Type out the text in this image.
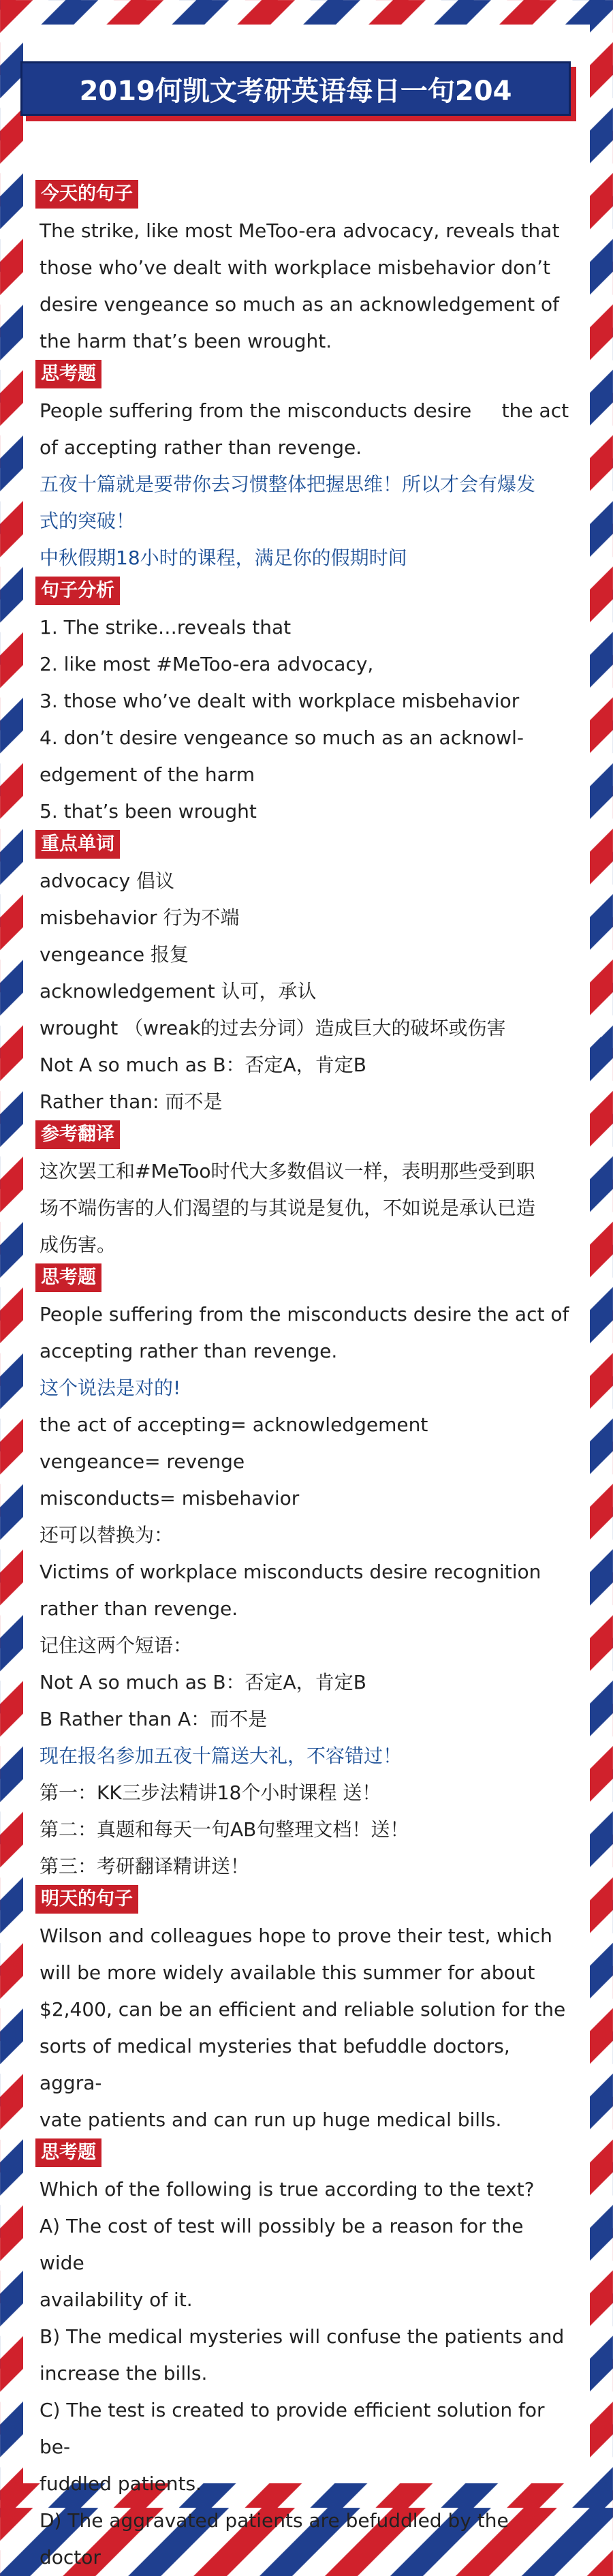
2019何凯文考研英语每日一句204
今天的句子

The strike, like most MeToo-era advocacy, reveals that

those who’ve dealt with workplace misbehavior don’t

desire vengeance so much as an acknowledgement of

the harm that’s been wrought.

思考题

People suffering from the misconducts desire     the act

of accepting rather than revenge.

五夜十篇就是要带你去习惯整体把握思维！所以才会有爆发

式的突破！

中秋假期18小时的课程，满足你的假期时间

句子分析

1. The strike…reveals that

2. like most #MeToo-era advocacy,

3. those who’ve dealt with workplace misbehavior

4. don’t desire vengeance so much as an acknowl-

edgement of the harm

5. that’s been wrought

重点单词

advocacy 倡议

misbehavior 行为不端

vengeance 报复

acknowledgement 认可，承认

wrought （wreak的过去分词）造成巨大的破坏或伤害

Not A so much as B：否定A，肯定B

Rather than: 而不是

参考翻译

这次罢工和#MeToo时代大多数倡议一样，表明那些受到职

场不端伤害的人们渴望的与其说是复仇，不如说是承认已造

成伤害。

思考题

People suffering from the misconducts desire the act of

accepting rather than revenge.

这个说法是对的!

the act of accepting= acknowledgement

vengeance= revenge

misconducts= misbehavior

还可以替换为：

Victims of workplace misconducts desire recognition

rather than revenge.

记住这两个短语：

Not A so much as B：否定A，肯定B

B Rather than A：而不是

现在报名参加五夜十篇送大礼，不容错过！

第一：KK三步法精讲18个小时课程 送！

第二：真题和每天一句AB句整理文档！送！

第三：考研翻译精讲送！

明天的句子

Wilson and colleagues hope to prove their test, which

will be more widely available this summer for about

$2,400, can be an efficient and reliable solution for the

sorts of medical mysteries that befuddle doctors, aggra-

vate patients and can run up huge medical bills.

思考题

Which of the following is true according to the text?

A) The cost of test will possibly be a reason for the wide

availability of it.

B) The medical mysteries will confuse the patients and

increase the bills.

C) The test is created to provide efficient solution for be-

fuddled patients.

D) The aggravated patients are befuddled by the doctor
